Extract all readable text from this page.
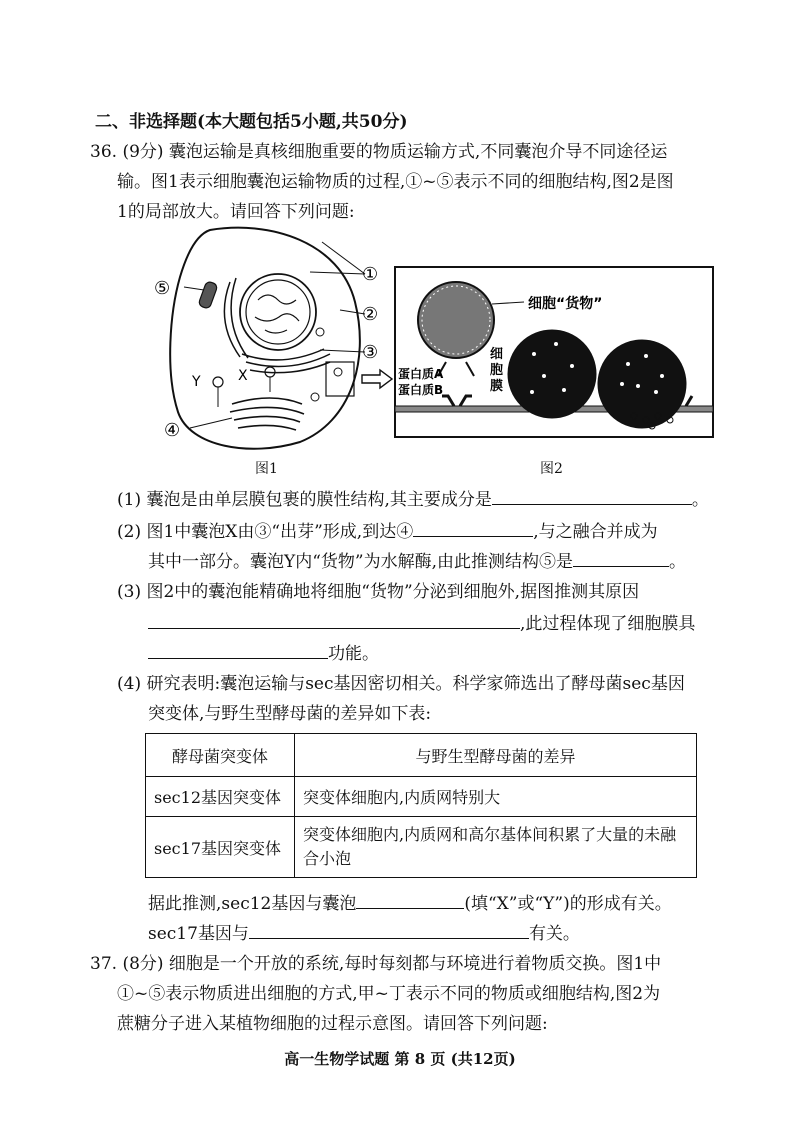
二、非选择题(本大题包括5小题,共50分)
36. (9分) 囊泡运输是真核细胞重要的物质运输方式,不同囊泡介导不同途径运
输。图1表示细胞囊泡运输物质的过程,①~⑤表示不同的细胞结构,图2是图
1的局部放大。请回答下列问题:
⑤
①
②
③
④
X
Y
细胞“货物”
蛋白质A
蛋白质B
细
胞
膜
图1	图2
(1) 囊泡是由单层膜包裹的膜性结构,其主要成分是	。
(2) 图1中囊泡X由③“出芽”形成,到达④	,与之融合并成为
其中一部分。囊泡Y内“货物”为水解酶,由此推测结构⑤是	。
(3) 图2中的囊泡能精确地将细胞“货物”分泌到细胞外,据图推测其原因
,此过程体现了细胞膜具
功能。
(4) 研究表明:囊泡运输与sec基因密切相关。科学家筛选出了酵母菌sec基因
突变体,与野生型酵母菌的差异如下表:
酵母菌突变体	与野生型酵母菌的差异
sec12基因突变体	突变体细胞内,内质网特别大
sec17基因突变体	突变体细胞内,内质网和高尔基体间积累了大量的未融合小泡
据此推测,sec12基因与囊泡	(填“X”或“Y”)的形成有关。
sec17基因与	有关。
37. (8分) 细胞是一个开放的系统,每时每刻都与环境进行着物质交换。图1中
①~⑤表示物质进出细胞的方式,甲~丁表示不同的物质或细胞结构,图2为
蔗糖分子进入某植物细胞的过程示意图。请回答下列问题:
高一生物学试题 第 8 页 (共12页)
